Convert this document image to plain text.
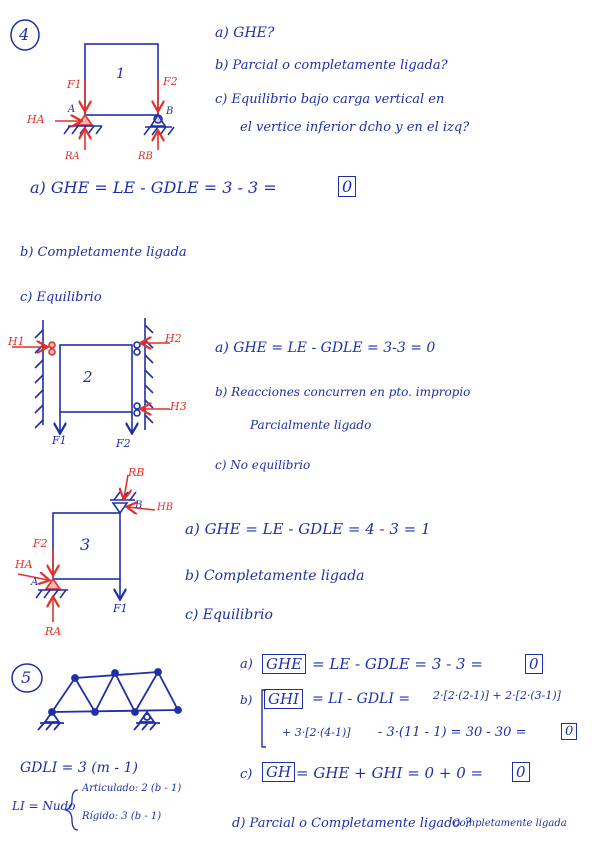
4	a) GHE?
b) Parcial o completamente ligada?
c) Equilibrio bajo carga vertical en
el vertice inferior dcho y en el izq?
1
F1	F2
HA
A	B
RA	RB
a) GHE = LE - GDLE = 3 - 3 =	0
b) Completamente ligada
c) Equilibrio
2
H1	H2
H3
F1	F2
a) GHE = LE - GDLE = 3-3 = 0
b) Reacciones concurren en pto. impropio
Parcialmente ligado
c) No equilibrio
3
F2
HA
A
RA
RB
B HB
F1
a) GHE = LE - GDLE = 4 - 3 = 1
b) Completamente ligada
c) Equilibrio
5
a) GHE = LE - GDLE = 3 - 3 =	0
b) GHI = LI - GDLI = 2·[2·(2-1)] + 2·[2·(3-1)]
+ 3·[2·(4-1)] - 3·(11 - 1) = 30 - 30 =	0
c) GH = GHE + GHI = 0 + 0 = 0
d) Parcial o Completamente ligado ?
Completamente ligada
GDLI = 3 (m - 1)
LI = Nudo
Articulado: 2 (b - 1)
Rígido: 3 (b - 1)
